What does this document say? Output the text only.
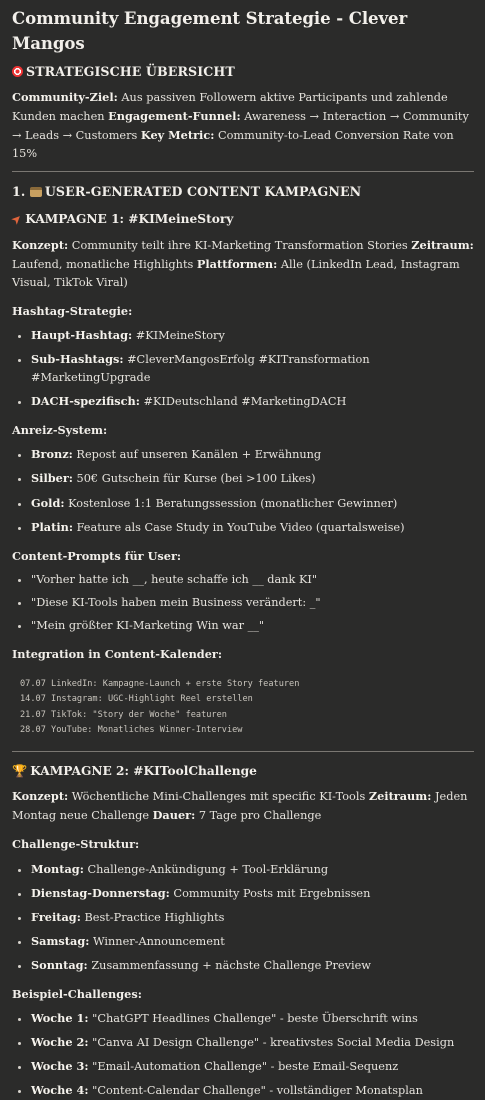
Community Engagement Strategie - Clever Mangos
STRATEGISCHE ÜBERSICHT

Community-Ziel: Aus passiven Followern aktive Participants und zahlende Kunden machen Engagement-Funnel: Awareness → Interaction → Community → Leads → Customers Key Metric: Community-to-Lead Conversion Rate von 15%

1. USER-GENERATED CONTENT KAMPAGNEN
➤KAMPAGNE 1: #KIMeineStory

Konzept: Community teilt ihre KI-Marketing Transformation Stories Zeitraum: Laufend, monatliche Highlights Plattformen: Alle (LinkedIn Lead, Instagram Visual, TikTok Viral)

Hashtag-Strategie:
• Haupt-Hashtag: #KIMeineStory
• Sub-Hashtags: #CleverMangosErfolg #KITransformation #MarketingUpgrade
• DACH-spezifisch: #KIDeutschland #MarketingDACH
Anreiz-System:
• Bronz: Repost auf unseren Kanälen + Erwähnung
• Silber: 50€ Gutschein für Kurse (bei >100 Likes)
• Gold: Kostenlose 1:1 Beratungssession (monatlicher Gewinner)
• Platin: Feature als Case Study in YouTube Video (quartalsweise)
Content-Prompts für User:
• "Vorher hatte ich __, heute schaffe ich __ dank KI"
• "Diese KI-Tools haben mein Business verändert: _"
• "Mein größter KI-Marketing Win war __"
Integration in Content-Kalender:
07.07 LinkedIn: Kampagne-Launch + erste Story featuren
14.07 Instagram: UGC-Highlight Reel erstellen
21.07 TikTok: "Story der Woche" featuren
28.07 YouTube: Monatliches Winner-Interview
🏆 KAMPAGNE 2: #KIToolChallenge

Konzept: Wöchentliche Mini-Challenges mit specific KI-Tools Zeitraum: Jeden Montag neue Challenge Dauer: 7 Tage pro Challenge

Challenge-Struktur:
• Montag: Challenge-Ankündigung + Tool-Erklärung
• Dienstag-Donnerstag: Community Posts mit Ergebnissen
• Freitag: Best-Practice Highlights
• Samstag: Winner-Announcement
• Sonntag: Zusammenfassung + nächste Challenge Preview
Beispiel-Challenges:
• Woche 1: "ChatGPT Headlines Challenge" - beste Überschrift wins
• Woche 2: "Canva AI Design Challenge" - kreativstes Social Media Design
• Woche 3: "Email-Automation Challenge" - beste Email-Sequenz
• Woche 4: "Content-Calendar Challenge" - vollständiger Monatsplan
